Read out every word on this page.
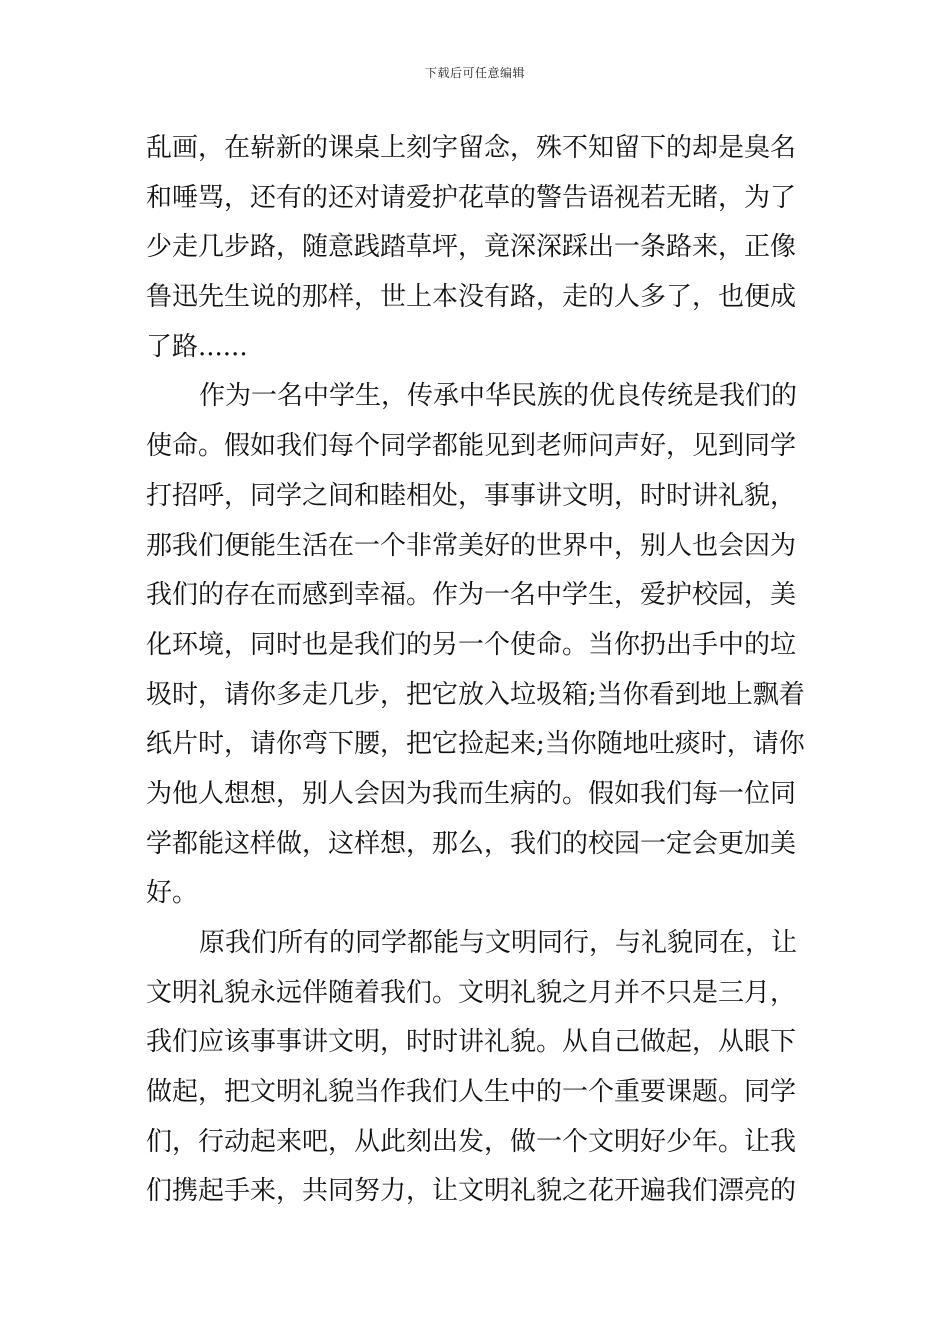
下载后可任意编辑
乱画，在崭新的课桌上刻字留念，殊不知留下的却是臭名
和唾骂，还有的还对请爱护花草的警告语视若无睹，为了
少走几步路，随意践踏草坪，竟深深踩出一条路来，正像
鲁迅先生说的那样，世上本没有路，走的人多了，也便成
了路......
作为一名中学生，传承中华民族的优良传统是我们的
使命。假如我们每个同学都能见到老师问声好，见到同学
打招呼，同学之间和睦相处，事事讲文明，时时讲礼貌，
那我们便能生活在一个非常美好的世界中，别人也会因为
我们的存在而感到幸福。作为一名中学生，爱护校园，美
化环境，同时也是我们的另一个使命。当你扔出手中的垃
圾时，请你多走几步，把它放入垃圾箱;当你看到地上飘着
纸片时，请你弯下腰，把它捡起来;当你随地吐痰时，请你
为他人想想，别人会因为我而生病的。假如我们每一位同
学都能这样做，这样想，那么，我们的校园一定会更加美
好。
原我们所有的同学都能与文明同行，与礼貌同在，让
文明礼貌永远伴随着我们。文明礼貌之月并不只是三月，
我们应该事事讲文明，时时讲礼貌。从自己做起，从眼下
做起，把文明礼貌当作我们人生中的一个重要课题。同学
们，行动起来吧，从此刻出发，做一个文明好少年。让我
们携起手来，共同努力，让文明礼貌之花开遍我们漂亮的
